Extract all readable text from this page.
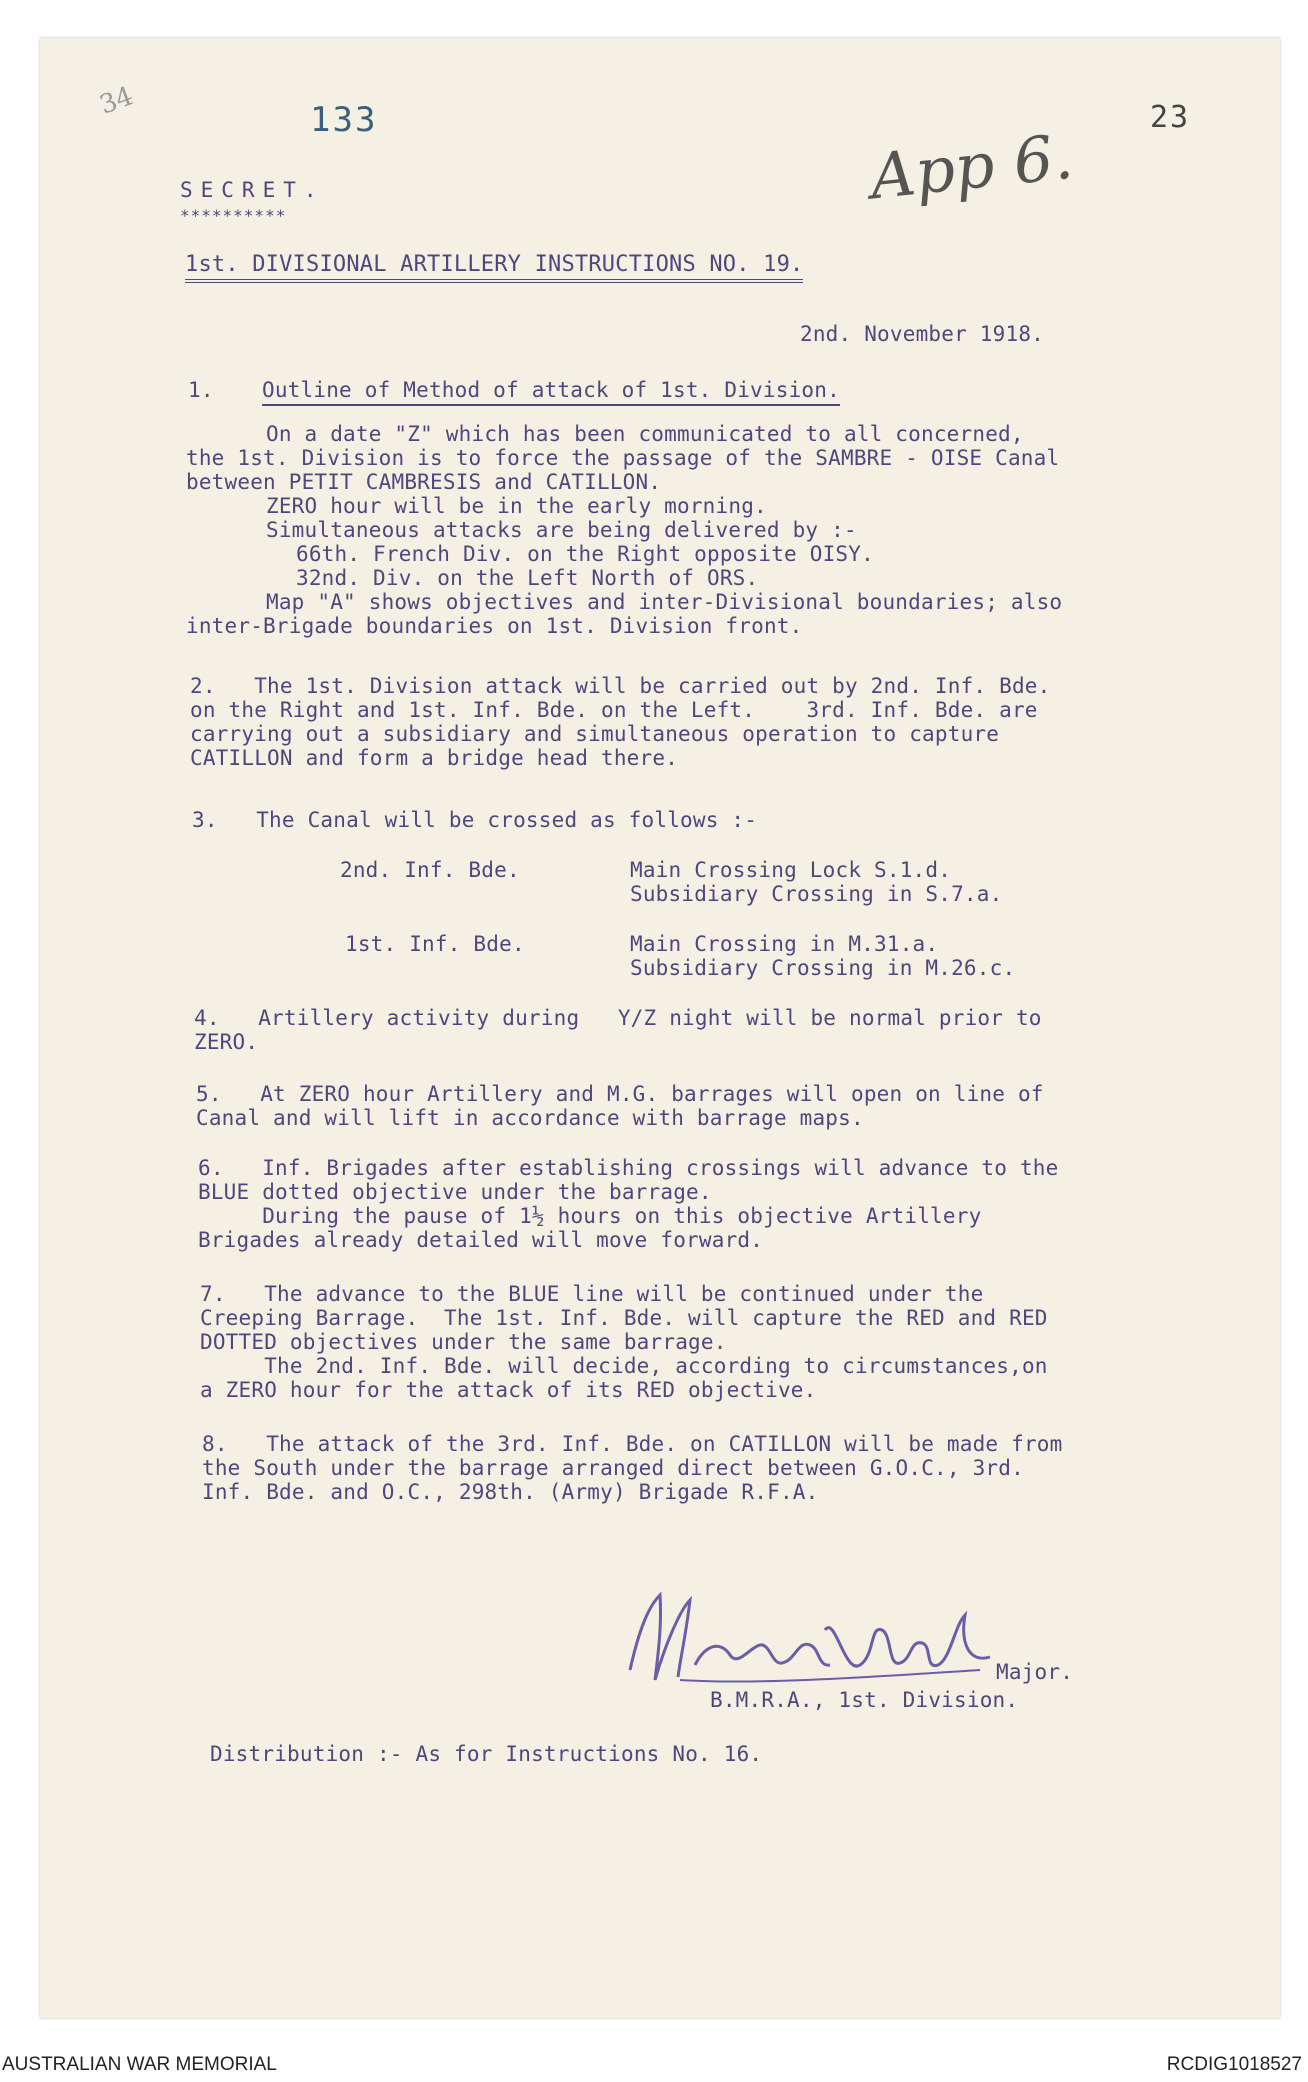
34	133	App 6.
23
SECRET.
**********
1st. DIVISIONAL ARTILLERY INSTRUCTIONS NO. 19.
2nd. November 1918.
1. Outline of Method of attack of 1st. Division.
On a date "Z" which has been communicated to all concerned,
the 1st. Division is to force the passage of the SAMBRE - OISE Canal
between PETIT CAMBRESIS and CATILLON.
ZERO hour will be in the early morning.
Simultaneous attacks are being delivered by :-
66th. French Div. on the Right opposite OISY.
32nd. Div. on the Left North of ORS.
Map "A" shows objectives and inter-Divisional boundaries; also
inter-Brigade boundaries on 1st. Division front.
2.   The 1st. Division attack will be carried out by 2nd. Inf. Bde.
on the Right and 1st. Inf. Bde. on the Left.    3rd. Inf. Bde. are
carrying out a subsidiary and simultaneous operation to capture
CATILLON and form a bridge head there.
3.   The Canal will be crossed as follows :-
2nd. Inf. Bde.	Main Crossing Lock S.1.d.
Subsidiary Crossing in S.7.a.
1st. Inf. Bde.	Main Crossing in M.31.a.
Subsidiary Crossing in M.26.c.
4.   Artillery activity during   Y/Z night will be normal prior to
ZERO.
5.   At ZERO hour Artillery and M.G. barrages will open on line of
Canal and will lift in accordance with barrage maps.
6.   Inf. Brigades after establishing crossings will advance to the
BLUE dotted objective under the barrage.
During the pause of 1½ hours on this objective Artillery
Brigades already detailed will move forward.
7.   The advance to the BLUE line will be continued under the
Creeping Barrage.  The 1st. Inf. Bde. will capture the RED and RED
DOTTED objectives under the same barrage.
The 2nd. Inf. Bde. will decide, according to circumstances,on
a ZERO hour for the attack of its RED objective.
8.   The attack of the 3rd. Inf. Bde. on CATILLON will be made from
the South under the barrage arranged direct between G.O.C., 3rd.
Inf. Bde. and O.C., 298th. (Army) Brigade R.F.A.
Major.
B.M.R.A., 1st. Division.
Distribution :- As for Instructions No. 16.
AUSTRALIAN WAR MEMORIAL	RCDIG1018527
